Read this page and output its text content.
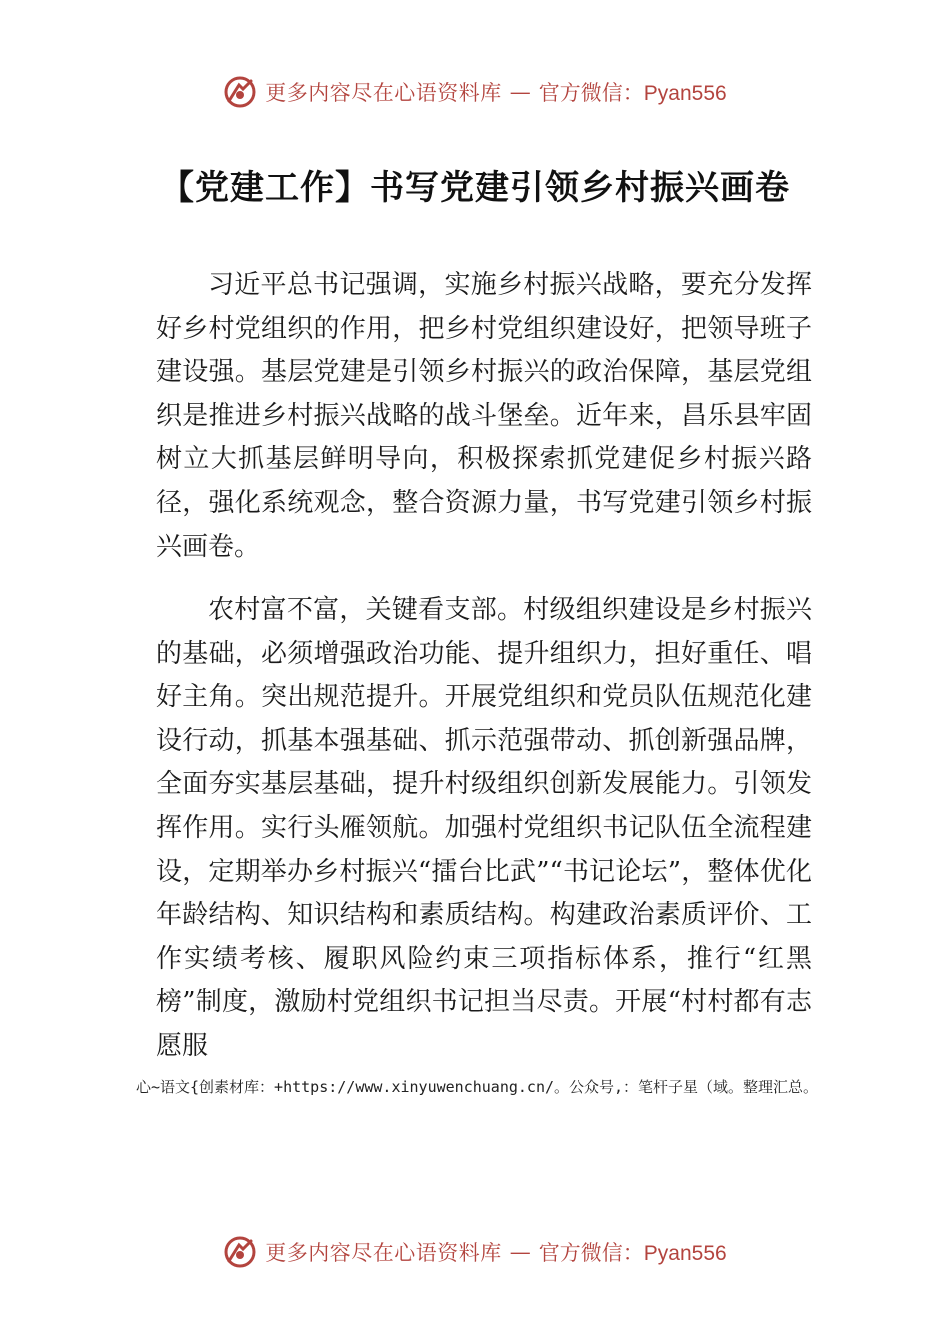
更多内容尽在心语资料库 — 官方微信：Pyan556
【党建工作】书写党建引领乡村振兴画卷

习近平总书记强调，实施乡村振兴战略，要充分发挥好乡村党组织的作用，把乡村党组织建设好，把领导班子建设强。基层党建是引领乡村振兴的政治保障，基层党组织是推进乡村振兴战略的战斗堡垒。近年来，昌乐县牢固树立大抓基层鲜明导向，积极探索抓党建促乡村振兴路径，强化系统观念，整合资源力量，书写党建引领乡村振兴画卷。

农村富不富，关键看支部。村级组织建设是乡村振兴的基础，必须增强政治功能、提升组织力，担好重任、唱好主角。突出规范提升。开展党组织和党员队伍规范化建设行动，抓基本强基础、抓示范强带动、抓创新强品牌，全面夯实基层基础，提升村级组织创新发展能力。引领发挥作用。实行头雁领航。加强村党组织书记队伍全流程建设，定期举办乡村振兴“擂台比武”“书记论坛”，整体优化年龄结构、知识结构和素质结构。构建政治素质评价、工作实绩考核、履职风险约束三项指标体系，推行“红黑榜”制度，激励村党组织书记担当尽责。开展“村村都有志愿服

心~语文{创素材库：+https://www.xinyuwenchuang.cn/。公众号,：笔杆子星（域。整理汇总。

更多内容尽在心语资料库 — 官方微信：Pyan556
